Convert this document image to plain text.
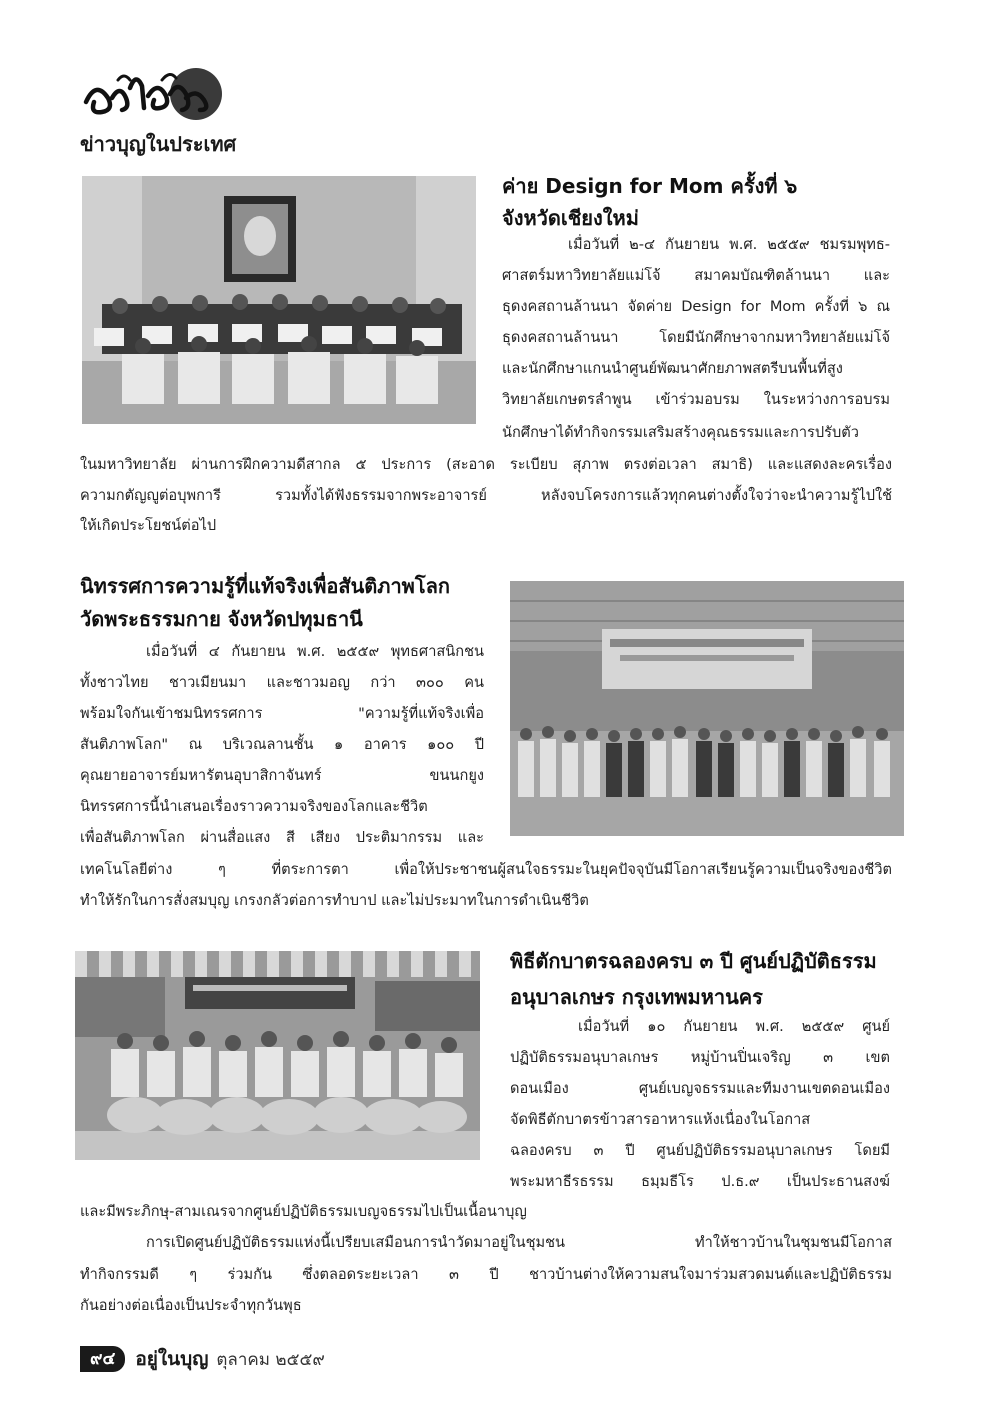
ข่าวบุญในประเทศ
ค่าย Design for Mom ครั้งที่ ๖
จังหวัดเชียงใหม่
เมื่อวันที่ ๒-๔ กันยายน พ.ศ. ๒๕๕๙ ชมรมพุทธ-
ศาสตร์มหาวิทยาลัยแม่โจ้ สมาคมบัณฑิตล้านนา และ
ธุดงคสถานล้านนา จัดค่าย Design for Mom ครั้งที่ ๖ ณ
ธุดงคสถานล้านนา โดยมีนักศึกษาจากมหาวิทยาลัยแม่โจ้
และนักศึกษาแกนนำศูนย์พัฒนาศักยภาพสตรีบนพื้นที่สูง
วิทยาลัยเกษตรลำพูน เข้าร่วมอบรม ในระหว่างการอบรม
นักศึกษาได้ทำกิจกรรมเสริมสร้างคุณธรรมและการปรับตัว
ในมหาวิทยาลัย ผ่านการฝึกความดีสากล ๕ ประการ (สะอาด ระเบียบ สุภาพ ตรงต่อเวลา สมาธิ) และแสดงละครเรื่อง
ความกตัญญูต่อบุพการี รวมทั้งได้ฟังธรรมจากพระอาจารย์ หลังจบโครงการแล้วทุกคนต่างตั้งใจว่าจะนำความรู้ไปใช้
ให้เกิดประโยชน์ต่อไป
นิทรรศการความรู้ที่แท้จริงเพื่อสันติภาพโลก
วัดพระธรรมกาย จังหวัดปทุมธานี
เมื่อวันที่ ๔ กันยายน พ.ศ. ๒๕๕๙ พุทธศาสนิกชน
ทั้งชาวไทย ชาวเมียนมา และชาวมอญ กว่า ๓๐๐ คน
พร้อมใจกันเข้าชมนิทรรศการ "ความรู้ที่แท้จริงเพื่อ
สันติภาพโลก" ณ บริเวณลานชั้น ๑ อาคาร ๑๐๐ ปี
คุณยายอาจารย์มหารัตนอุบาสิกาจันทร์ ขนนกยูง
นิทรรศการนี้นำเสนอเรื่องราวความจริงของโลกและชีวิต
เพื่อสันติภาพโลก ผ่านสื่อแสง สี เสียง ประติมากรรม และ
เทคโนโลยีต่าง ๆ ที่ตระการตา เพื่อให้ประชาชนผู้สนใจธรรมะในยุคปัจจุบันมีโอกาสเรียนรู้ความเป็นจริงของชีวิต
ทำให้รักในการสั่งสมบุญ เกรงกลัวต่อการทำบาป และไม่ประมาทในการดำเนินชีวิต
พิธีตักบาตรฉลองครบ ๓ ปี ศูนย์ปฏิบัติธรรม
อนุบาลเกษร กรุงเทพมหานคร
เมื่อวันที่ ๑๐ กันยายน พ.ศ. ๒๕๕๙ ศูนย์
ปฏิบัติธรรมอนุบาลเกษร หมู่บ้านปิ่นเจริญ ๓ เขต
ดอนเมือง ศูนย์เบญจธรรมและทีมงานเขตดอนเมือง
จัดพิธีตักบาตรข้าวสารอาหารแห้งเนื่องในโอกาส
ฉลองครบ ๓ ปี ศูนย์ปฏิบัติธรรมอนุบาลเกษร โดยมี
พระมหาธีรธรรม ธมฺมธีโร ป.ธ.๙ เป็นประธานสงฆ์
และมีพระภิกษุ-สามเณรจากศูนย์ปฏิบัติธรรมเบญจธรรมไปเป็นเนื้อนาบุญ
การเปิดศูนย์ปฏิบัติธรรมแห่งนี้เปรียบเสมือนการนำวัดมาอยู่ในชุมชน ทำให้ชาวบ้านในชุมชนมีโอกาส
ทำกิจกรรมดี ๆ ร่วมกัน ซึ่งตลอดระยะเวลา ๓ ปี ชาวบ้านต่างให้ความสนใจมาร่วมสวดมนต์และปฏิบัติธรรม
กันอย่างต่อเนื่องเป็นประจำทุกวันพุธ
๙๔	อยู่ในบุญ ตุลาคม ๒๕๕๙
